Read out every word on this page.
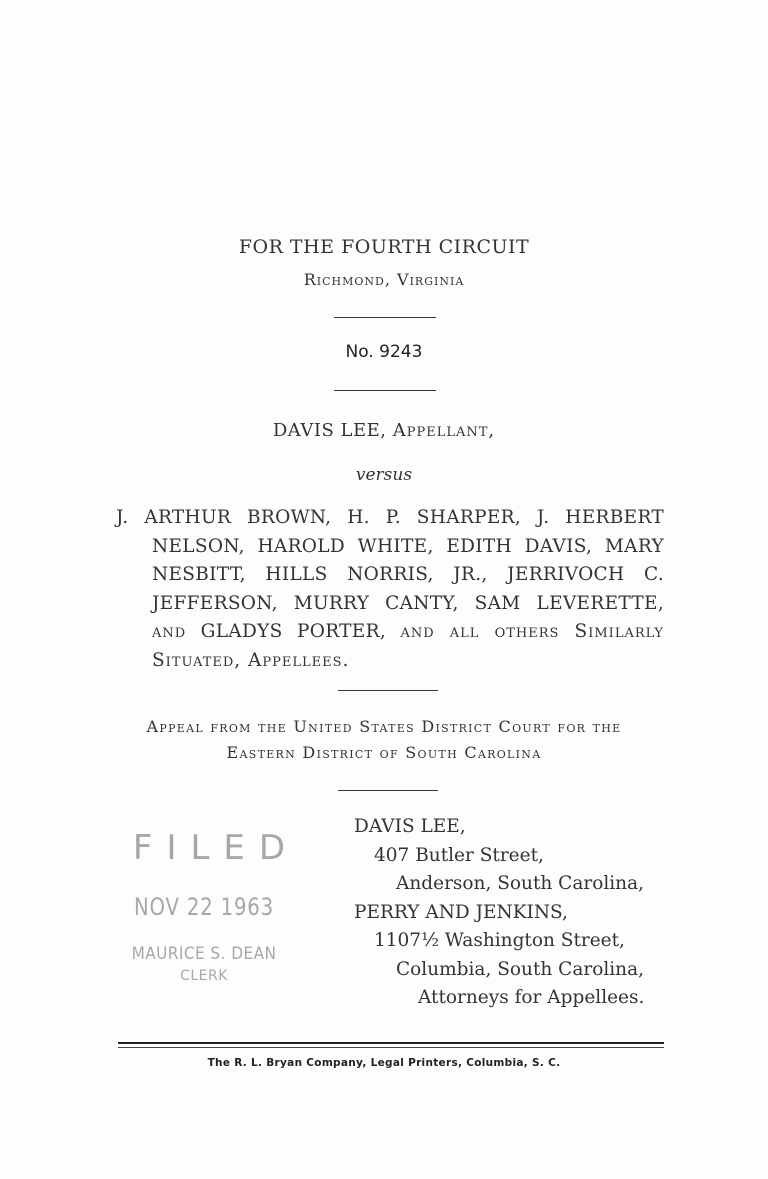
FOR THE FOURTH CIRCUIT
Richmond, Virginia
No. 9243
DAVIS LEE, Appellant,
versus
J. ARTHUR BROWN, H. P. SHARPER, J. HERBERT NELSON, HAROLD WHITE, EDITH DAVIS, MARY NESBITT, HILLS NORRIS, JR., JERRIVOCH C. JEFFERSON, MURRY CANTY, SAM LEVERETTE, and GLADYS PORTER, and all others Similarly Situated, Appellees.
Appeal from the United States District Court for the
Eastern District of South Carolina
FILED
NOV 22 1963
MAURICE S. DEAN
CLERK
DAVIS LEE,
407 Butler Street,
Anderson, South Carolina,
PERRY AND JENKINS,
1107½ Washington Street,
Columbia, South Carolina,
Attorneys for Appellees.
The R. L. Bryan Company, Legal Printers, Columbia, S. C.
